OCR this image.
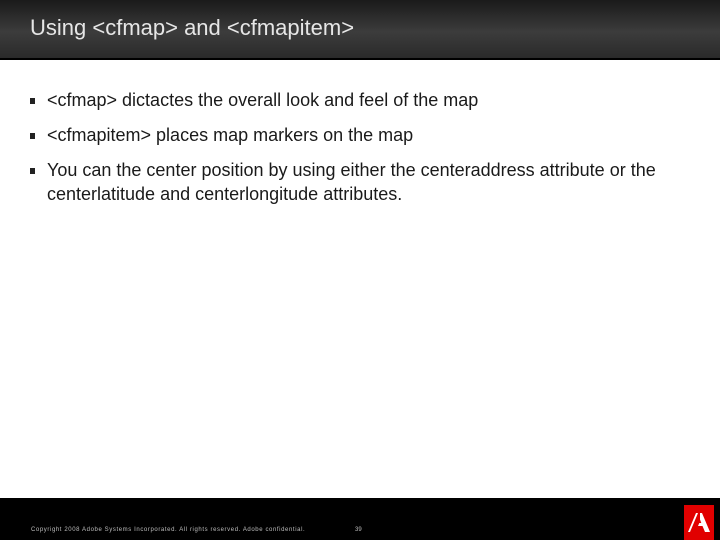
Using <cfmap> and <cfmapitem>
<cfmap> dictactes the overall look and feel of the map
<cfmapitem> places map markers on the map
You can the center position by using either the centeraddress attribute or the centerlatitude and centerlongitude attributes.
Copyright 2008 Adobe Systems Incorporated. All rights reserved. Adobe confidential.	39
